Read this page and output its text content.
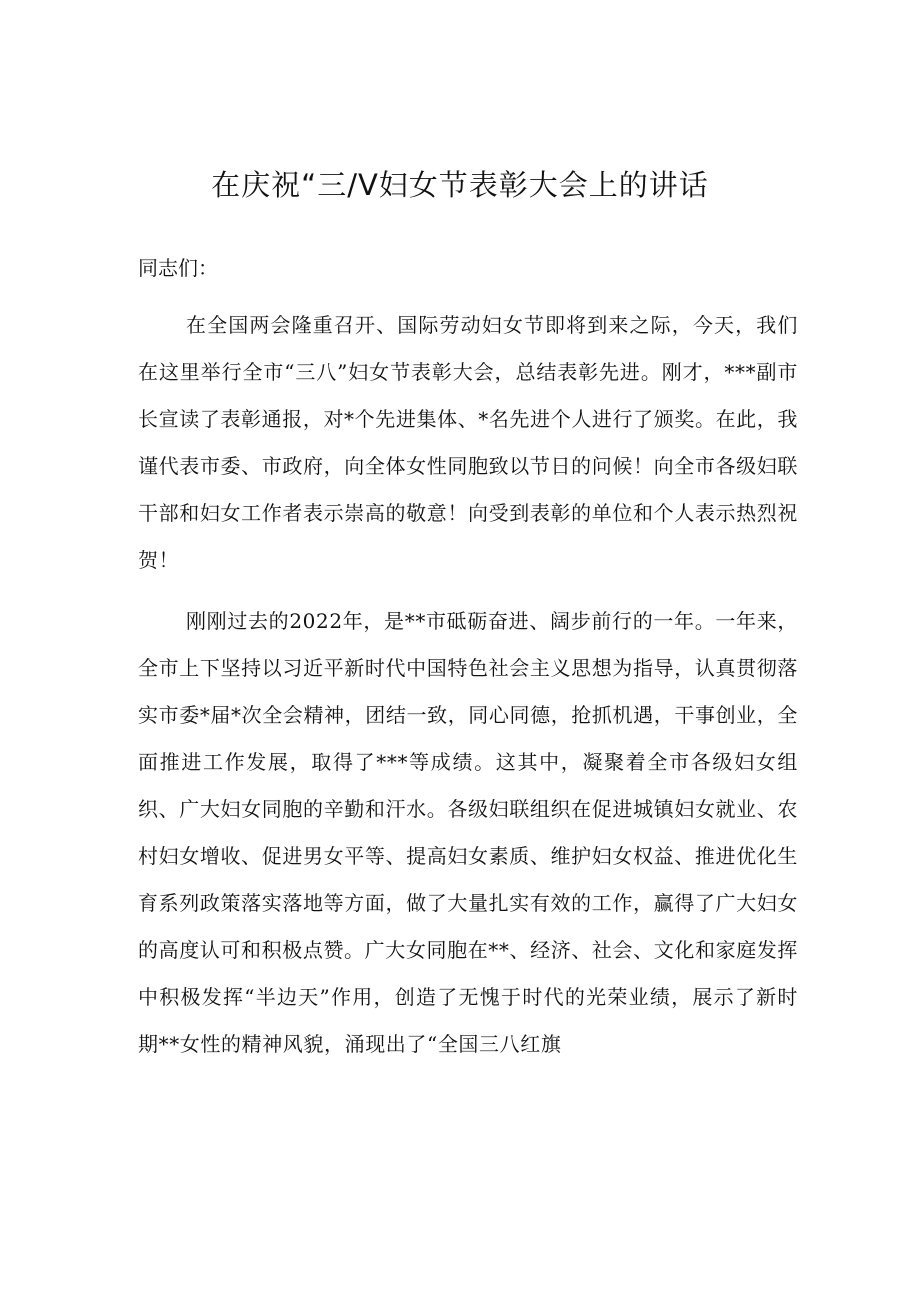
在庆祝“三/V妇女节表彰大会上的讲话

同志们：

在全国两会隆重召开、国际劳动妇女节即将到来之际，今天，我们在这里举行全市“三八”妇女节表彰大会，总结表彰先进。刚才，***副市长宣读了表彰通报，对*个先进集体、*名先进个人进行了颁奖。在此，我谨代表市委、市政府，向全体女性同胞致以节日的问候！向全市各级妇联干部和妇女工作者表示崇高的敬意！向受到表彰的单位和个人表示热烈祝贺！

刚刚过去的2022年，是**市砥砺奋进、阔步前行的一年。一年来，全市上下坚持以习近平新时代中国特色社会主义思想为指导，认真贯彻落实市委*届*次全会精神，团结一致，同心同德，抢抓机遇，干事创业，全面推进工作发展，取得了***等成绩。这其中，凝聚着全市各级妇女组织、广大妇女同胞的辛勤和汗水。各级妇联组织在促进城镇妇女就业、农村妇女增收、促进男女平等、提高妇女素质、维护妇女权益、推进优化生育系列政策落实落地等方面，做了大量扎实有效的工作，赢得了广大妇女的高度认可和积极点赞。广大女同胞在**、经济、社会、文化和家庭发挥中积极发挥“半边天”作用，创造了无愧于时代的光荣业绩，展示了新时期**女性的精神风貌，涌现出了“全国三八红旗
